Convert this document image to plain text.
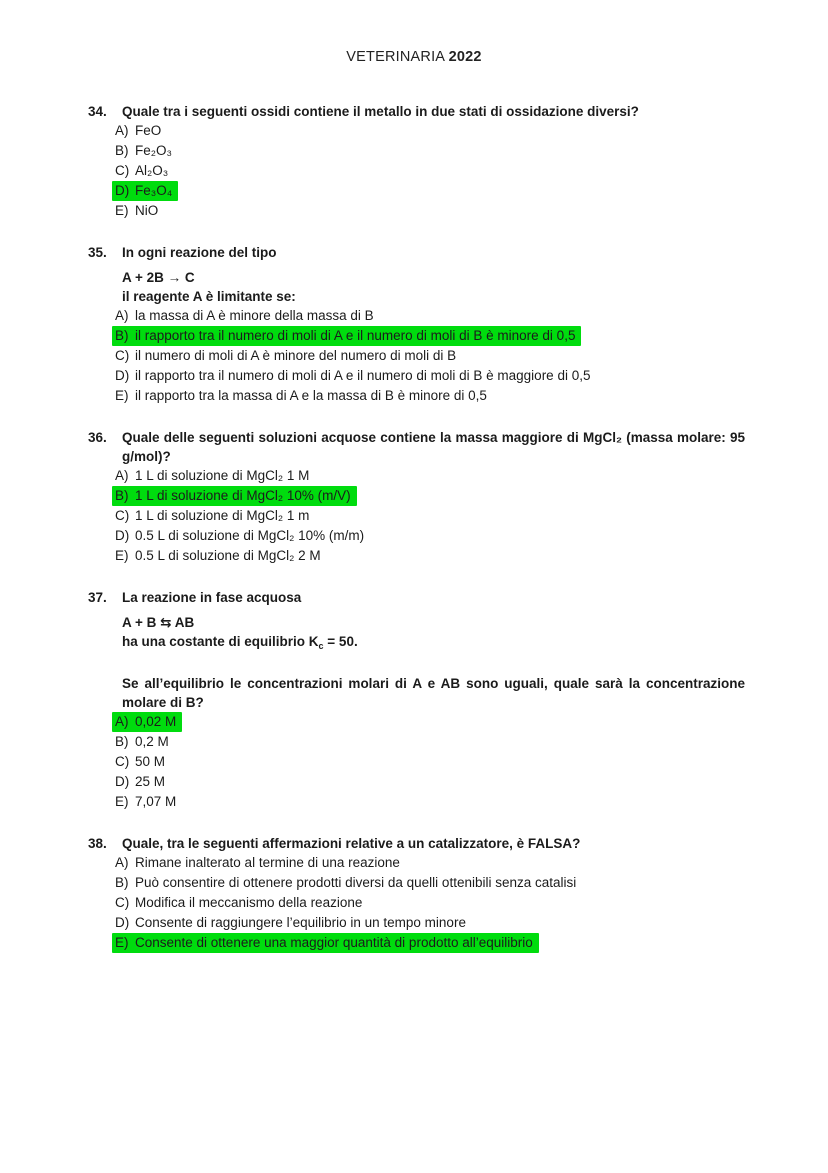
VETERINARIA 2022
34.	Quale tra i seguenti ossidi contiene il metallo in due stati di ossidazione diversi?
A) FeO
B) Fe₂O₃
C) Al₂O₃
D) Fe₃O₄
E) NiO
35.	In ogni reazione del tipo
A + 2B → C
il reagente A è limitante se:
A) la massa di A è minore della massa di B
B) il rapporto tra il numero di moli di A e il numero di moli di B è minore di 0,5
C) il numero di moli di A è minore del numero di moli di B
D) il rapporto tra il numero di moli di A e il numero di moli di B è maggiore di 0,5
E) il rapporto tra la massa di A e la massa di B è minore di 0,5
36.	Quale delle seguenti soluzioni acquose contiene la massa maggiore di MgCl₂ (massa molare: 95 g/mol)?
A) 1 L di soluzione di MgCl₂ 1 M
B) 1 L di soluzione di MgCl₂ 10% (m/V)
C) 1 L di soluzione di MgCl₂ 1 m
D) 0.5 L di soluzione di MgCl₂ 10% (m/m)
E) 0.5 L di soluzione di MgCl₂ 2 M
37.	La reazione in fase acquosa
A + B ⇆ AB
ha una costante di equilibrio $K_c = 50$.
Se all’equilibrio le concentrazioni molari di A e AB sono uguali, quale sarà la concentrazione molare di B?
A) 0,02 M
B) 0,2 M
C) 50 M
D) 25 M
E) 7,07 M
38.	Quale, tra le seguenti affermazioni relative a un catalizzatore, è FALSA?
A) Rimane inalterato al termine di una reazione
B) Può consentire di ottenere prodotti diversi da quelli ottenibili senza catalisi
C) Modifica il meccanismo della reazione
D) Consente di raggiungere l’equilibrio in un tempo minore
E) Consente di ottenere una maggior quantità di prodotto all’equilibrio
